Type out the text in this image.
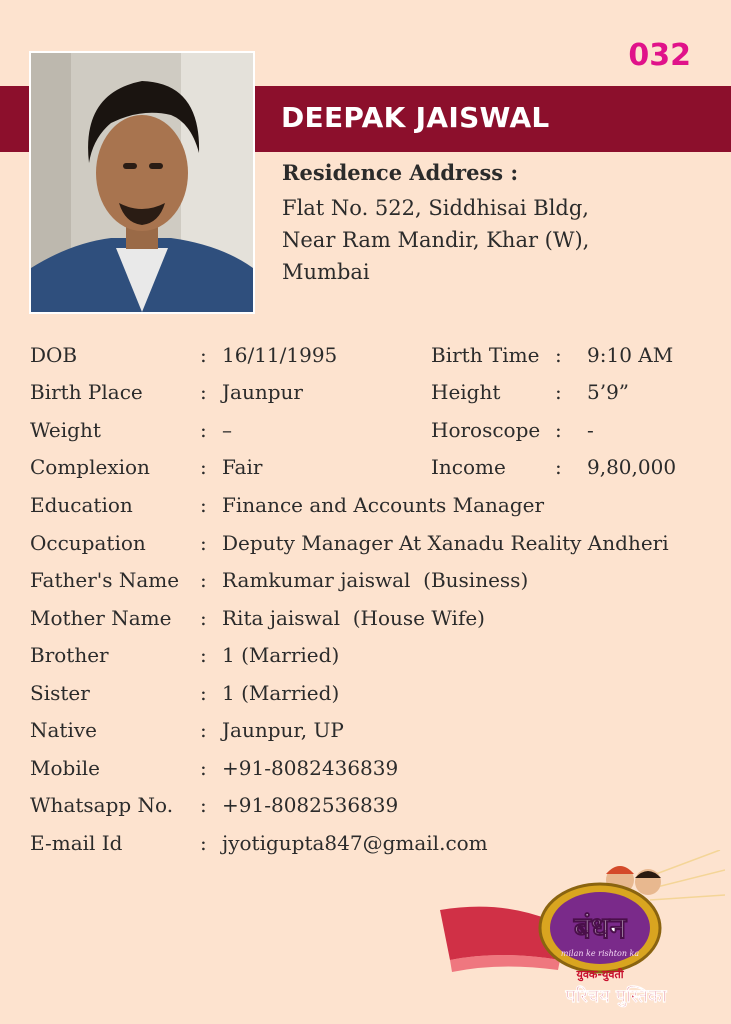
032
DEEPAK JAISWAL
Residence Address :
Flat No. 522, Siddhisai Bldg,
Near Ram Mandir, Khar (W),
Mumbai
DOB	: 16/11/1995	Birth Time : 9:10 AM
Birth Place	: Jaunpur	Height	: 5’9”
Weight	: –	Horoscope : -
Complexion	: Fair	Income : 9,80,000
Education	: Finance and Accounts Manager
Occupation	: Deputy Manager At Xanadu Reality Andheri
Father's Name : Ramkumar jaiswal  (Business)
Mother Name : Rita jaiswal  (House Wife)
Brother	: 1 (Married)
Sister	: 1 (Married)
Native	: Jaunpur, UP
Mobile	: +91-8082436839
Whatsapp No. : +91-8082536839
E-mail Id	: jyotigupta847@gmail.com
बंधन
milan ke rishton ka
युवक-युवती
परिचय पुस्तिका
